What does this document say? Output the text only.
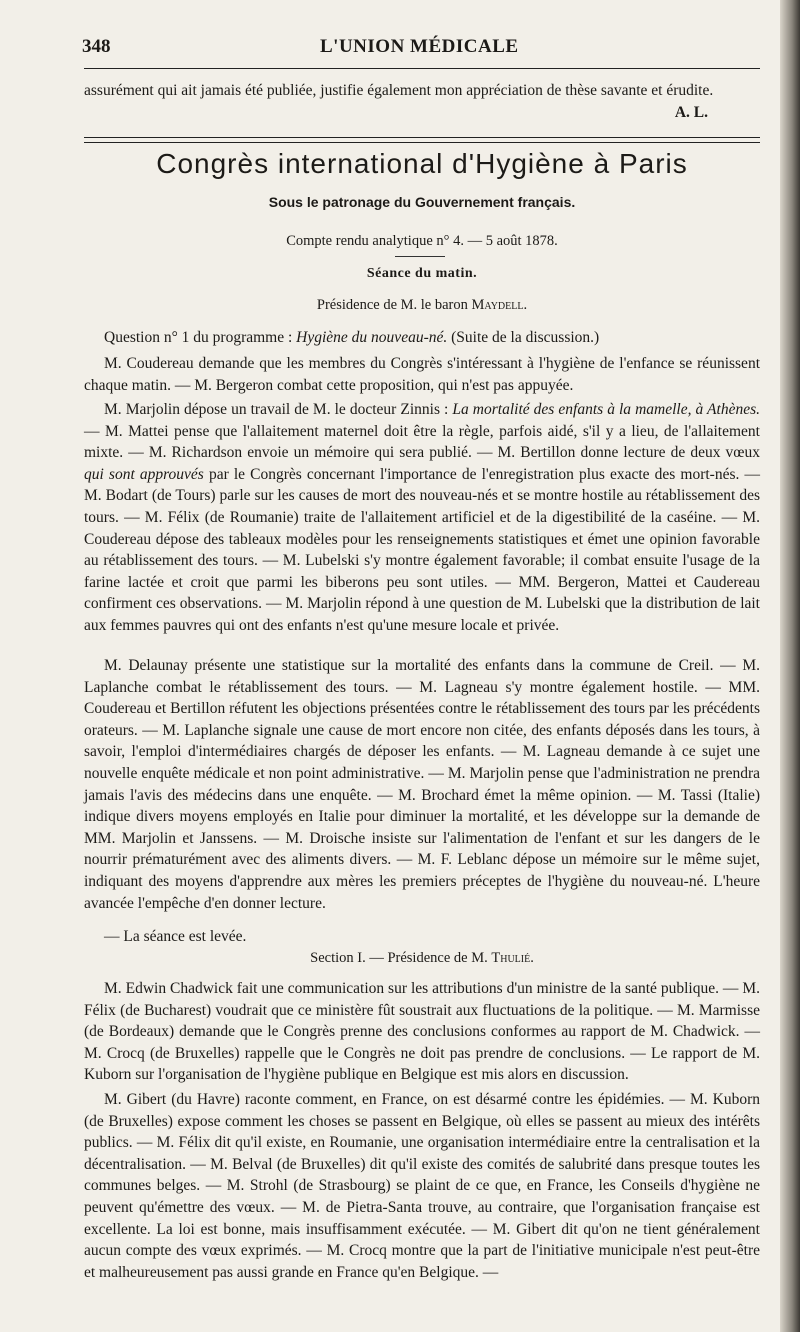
348	L'UNION MÉDICALE

assurément qui ait jamais été publiée, justifie également mon appréciation de thèse savante et érudite.

A. L.
Congrès international d'Hygiène à Paris
Sous le patronage du Gouvernement français.
Compte rendu analytique n° 4. — 5 août 1878.
Séance du matin.
Présidence de M. le baron Maydell.

Question n° 1 du programme : Hygiène du nouveau-né. (Suite de la discussion.)

M. Coudereau demande que les membres du Congrès s'intéressant à l'hygiène de l'enfance se réunissent chaque matin. — M. Bergeron combat cette proposition, qui n'est pas appuyée.

M. Marjolin dépose un travail de M. le docteur Zinnis : La mortalité des enfants à la mamelle, à Athènes. — M. Mattei pense que l'allaitement maternel doit être la règle, parfois aidé, s'il y a lieu, de l'allaitement mixte. — M. Richardson envoie un mémoire qui sera publié. — M. Bertillon donne lecture de deux vœux qui sont approuvés par le Congrès concernant l'importance de l'enregistration plus exacte des mort-nés. — M. Bodart (de Tours) parle sur les causes de mort des nouveau-nés et se montre hostile au rétablissement des tours. — M. Félix (de Roumanie) traite de l'allaitement artificiel et de la digestibilité de la caséine. — M. Coudereau dépose des tableaux modèles pour les renseignements statistiques et émet une opinion favorable au rétablissement des tours. — M. Lubelski s'y montre également favorable; il combat ensuite l'usage de la farine lactée et croit que parmi les biberons peu sont utiles. — MM. Bergeron, Mattei et Caudereau confirment ces observations. — M. Marjolin répond à une question de M. Lubelski que la distribution de lait aux femmes pauvres qui ont des enfants n'est qu'une mesure locale et privée.

M. Delaunay présente une statistique sur la mortalité des enfants dans la commune de Creil. — M. Laplanche combat le rétablissement des tours. — M. Lagneau s'y montre également hostile. — MM. Coudereau et Bertillon réfutent les objections présentées contre le rétablissement des tours par les précédents orateurs. — M. Laplanche signale une cause de mort encore non citée, des enfants déposés dans les tours, à savoir, l'emploi d'intermédiaires chargés de déposer les enfants. — M. Lagneau demande à ce sujet une nouvelle enquête médicale et non point administrative. — M. Marjolin pense que l'administration ne prendra jamais l'avis des médecins dans une enquête. — M. Brochard émet la même opinion. — M. Tassi (Italie) indique divers moyens employés en Italie pour diminuer la mortalité, et les développe sur la demande de MM. Marjolin et Janssens. — M. Droische insiste sur l'alimentation de l'enfant et sur les dangers de le nourrir prématurément avec des aliments divers. — M. F. Leblanc dépose un mémoire sur le même sujet, indiquant des moyens d'apprendre aux mères les premiers préceptes de l'hygiène du nouveau-né. L'heure avancée l'empêche d'en donner lecture.

— La séance est levée.

Section I. — Présidence de M. Thulié.

M. Edwin Chadwick fait une communication sur les attributions d'un ministre de la santé publique. — M. Félix (de Bucharest) voudrait que ce ministère fût soustrait aux fluctuations de la politique. — M. Marmisse (de Bordeaux) demande que le Congrès prenne des conclusions conformes au rapport de M. Chadwick. — M. Crocq (de Bruxelles) rappelle que le Congrès ne doit pas prendre de conclusions. — Le rapport de M. Kuborn sur l'organisation de l'hygiène publique en Belgique est mis alors en discussion.

M. Gibert (du Havre) raconte comment, en France, on est désarmé contre les épidémies. — M. Kuborn (de Bruxelles) expose comment les choses se passent en Belgique, où elles se passent au mieux des intérêts publics. — M. Félix dit qu'il existe, en Roumanie, une organisation intermédiaire entre la centralisation et la décentralisation. — M. Belval (de Bruxelles) dit qu'il existe des comités de salubrité dans presque toutes les communes belges. — M. Strohl (de Strasbourg) se plaint de ce que, en France, les Conseils d'hygiène ne peuvent qu'émettre des vœux. — M. de Pietra-Santa trouve, au contraire, que l'organisation française est excellente. La loi est bonne, mais insuffisamment exécutée. — M. Gibert dit qu'on ne tient généralement aucun compte des vœux exprimés. — M. Crocq montre que la part de l'initiative municipale n'est peut-être et malheureusement pas aussi grande en France qu'en Belgique. —
